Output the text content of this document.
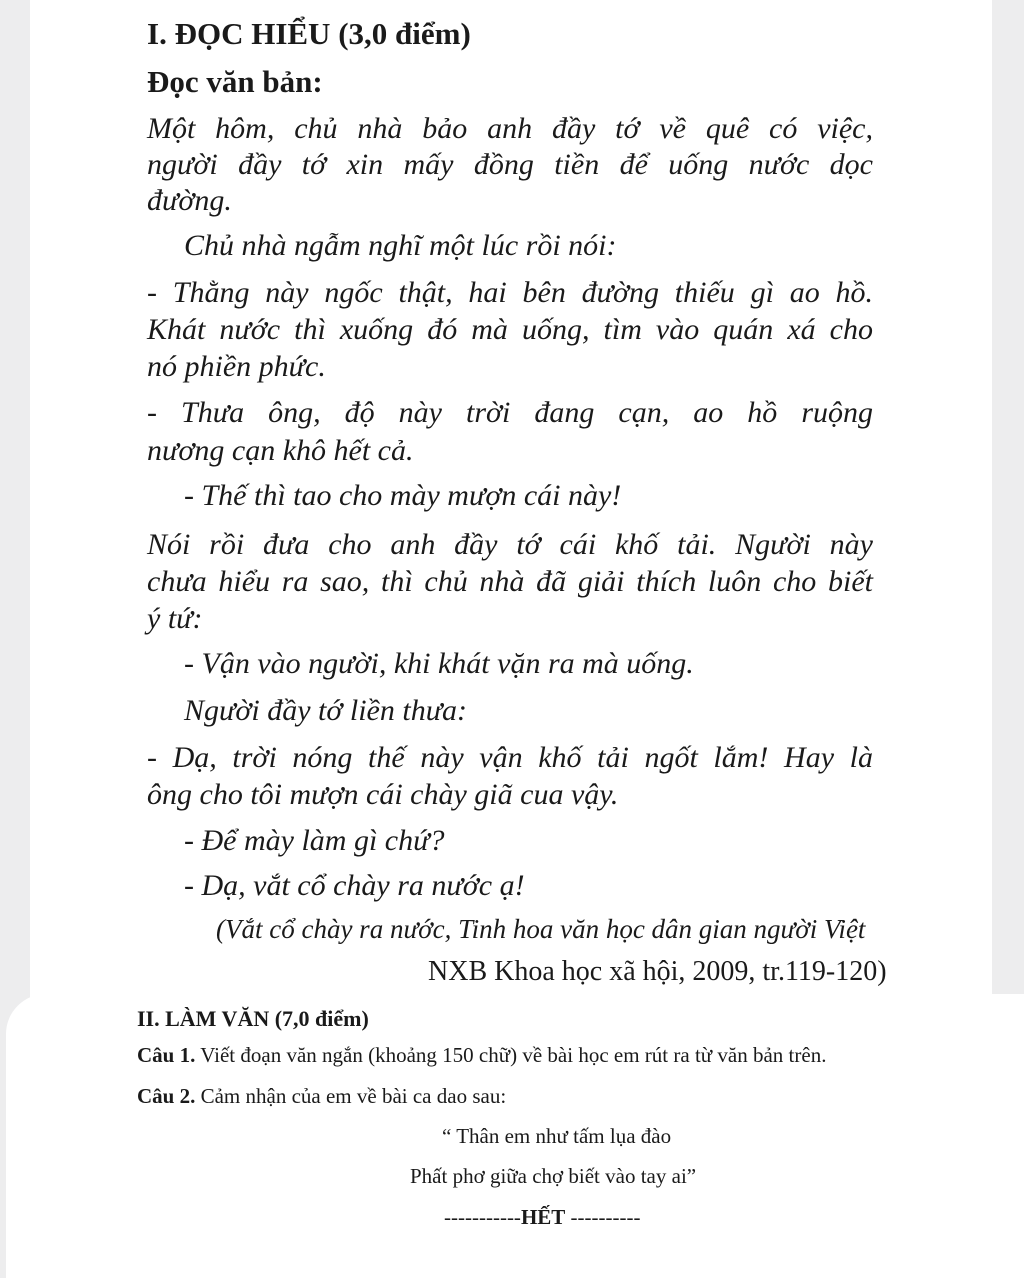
I. ĐỌC HIỂU (3,0 điểm)
Đọc văn bản:
Một hôm, chủ nhà bảo anh đầy tớ về quê có việc,
người đầy tớ xin mấy đồng tiền để uống nước dọc
đường.
Chủ nhà ngẫm nghĩ một lúc rồi nói:
- Thằng này ngốc thật, hai bên đường thiếu gì ao hồ.
Khát nước thì xuống đó mà uống, tìm vào quán xá cho
nó phiền phức.
- Thưa ông, độ này trời đang cạn, ao hồ ruộng
nương cạn khô hết cả.
- Thế thì tao cho mày mượn cái này!
Nói rồi đưa cho anh đầy tớ cái khố tải. Người này
chưa hiểu ra sao, thì chủ nhà đã giải thích luôn cho biết
ý tứ:
- Vận vào người, khi khát vặn ra mà uống.
Người đầy tớ liền thưa:
- Dạ, trời nóng thế này vận khố tải ngốt lắm! Hay là
ông cho tôi mượn cái chày giã cua vậy.
- Để mày làm gì chứ?
- Dạ, vắt cổ chày ra nước ạ!
(Vắt cổ chày ra nước, Tinh hoa văn học dân gian người Việt
NXB Khoa học xã hội, 2009, tr.119-120)
II. LÀM VĂN (7,0 điểm)
Câu 1. Viết đoạn văn ngắn (khoảng 150 chữ) về bài học em rút ra từ văn bản trên.
Câu 2. Cảm nhận của em về bài ca dao sau:
“ Thân em như tấm lụa đào
Phất phơ giữa chợ biết vào tay ai”
-----------HẾT ----------
